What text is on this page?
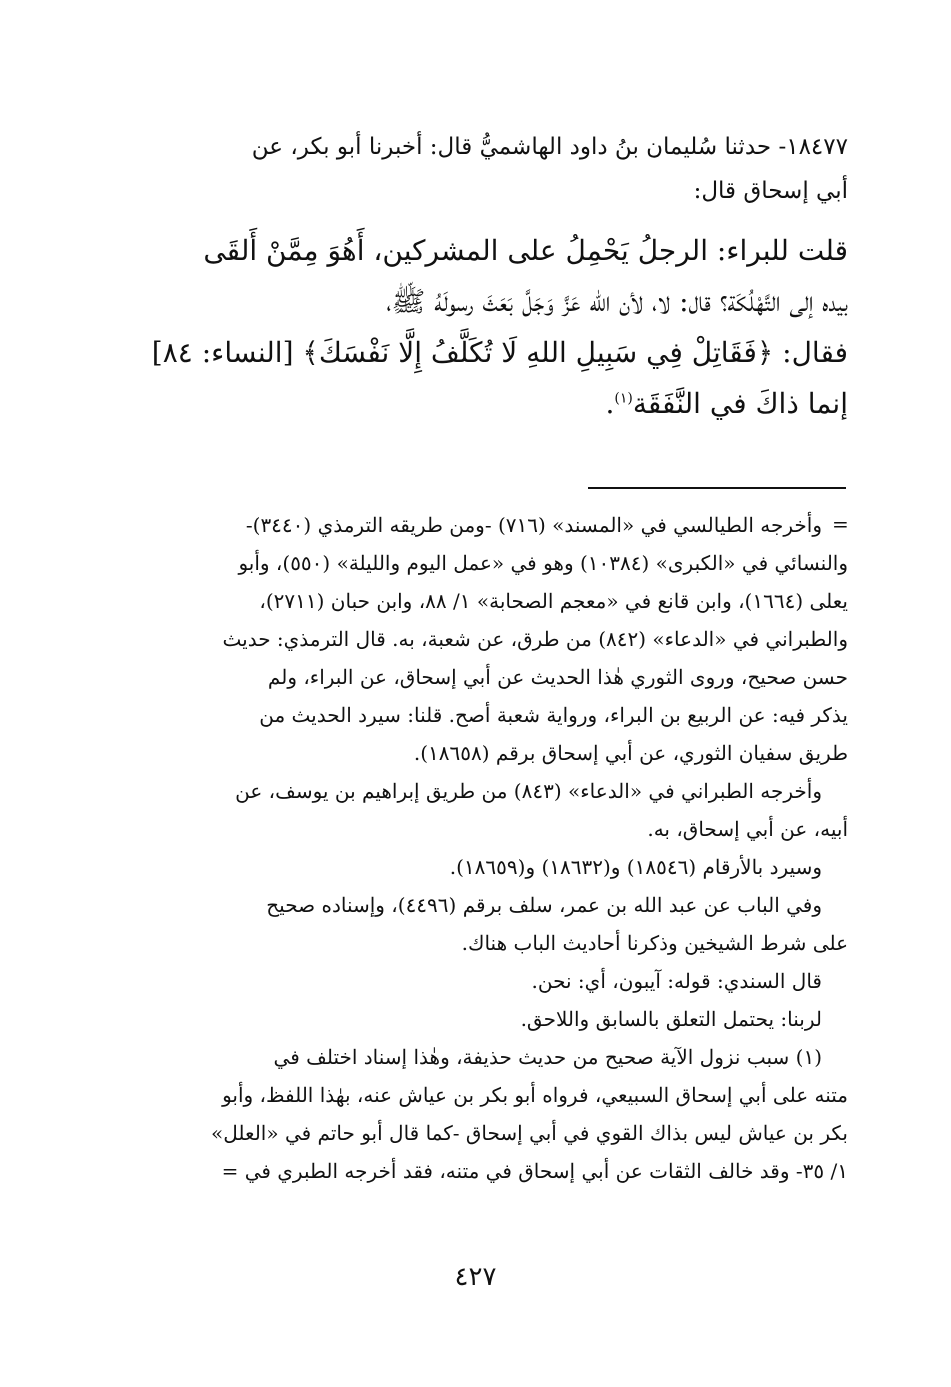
١٨٤٧٧- حدثنا سُليمان بنُ داود الهاشميُّ قال: أخبرنا أبو بكر، عن

أبي إسحاق قال:

قلت للبراء: الرجلُ يَحْمِلُ على المشركين، أَهُوَ مِمَّنْ أَلقَى

بيده إلى التَّهْلُكَة؟ قال: لا، لأن الله عَزَّ وَجَلَّ بَعَثَ رسولَهُ ﷺ،

فقال: ﴿فَقَاتِلْ فِي سَبِيلِ اللهِ لَا تُكَلَّفُ إِلَّا نَفْسَكَ﴾ [النساء: ٨٤]

إنما ذاكَ في النَّفَقَة$^{(١)}$.

=

وأخرجه الطيالسي في «المسند» (٧١٦) -ومن طريقه الترمذي (٣٤٤٠)-

والنسائي في «الكبرى» (١٠٣٨٤) وهو في «عمل اليوم والليلة» (٥٥٠)، وأبو

يعلى (١٦٦٤)، وابن قانع في «معجم الصحابة» ١/ ٨٨، وابن حبان (٢٧١١)،

والطبراني في «الدعاء» (٨٤٢) من طرق، عن شعبة، به. قال الترمذي: حديث

حسن صحيح، وروى الثوري هٰذا الحديث عن أبي إسحاق، عن البراء، ولم

يذكر فيه: عن الربيع بن البراء، ورواية شعبة أصح. قلنا: سيرد الحديث من

طريق سفيان الثوري، عن أبي إسحاق برقم (١٨٦٥٨).

وأخرجه الطبراني في «الدعاء» (٨٤٣) من طريق إبراهيم بن يوسف، عن

أبيه، عن أبي إسحاق، به.

وسيرد بالأرقام (١٨٥٤٦) و(١٨٦٣٢) و(١٨٦٥٩).

وفي الباب عن عبد الله بن عمر، سلف برقم (٤٤٩٦)، وإسناده صحيح

على شرط الشيخين وذكرنا أحاديث الباب هناك.

قال السندي: قوله: آيبون، أي: نحن.

لربنا: يحتمل التعلق بالسابق واللاحق.

(١) سبب نزول الآية صحيح من حديث حذيفة، وهٰذا إسناد اختلف في

متنه على أبي إسحاق السبيعي، فرواه أبو بكر بن عياش عنه، بهٰذا اللفظ، وأبو

بكر بن عياش ليس بذاك القوي في أبي إسحاق -كما قال أبو حاتم في «العلل»

١/ ٣٥- وقد خالف الثقات عن أبي إسحاق في متنه، فقد أخرجه الطبري في =

٤٢٧
